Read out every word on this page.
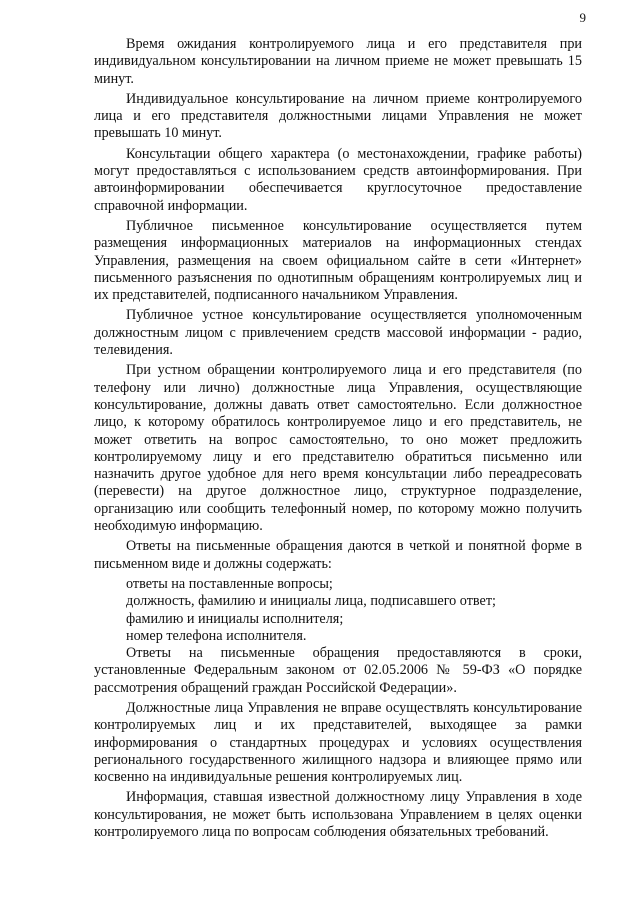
9

Время ожидания контролируемого лица и его представителя при индивидуальном консультировании на личном приеме не может превышать 15 минут.

Индивидуальное консультирование на личном приеме контролируемого лица и его представителя должностными лицами Управления не может превышать 10 минут.

Консультации общего характера (о местонахождении, графике работы) могут предоставляться с использованием средств автоинформирования. При автоинформировании обеспечивается круглосуточное предоставление справочной информации.

Публичное письменное консультирование осуществляется путем размещения информационных материалов на информационных стендах Управления, размещения на своем официальном сайте в сети «Интернет» письменного разъяснения по однотипным обращениям контролируемых лиц и их представителей, подписанного начальником Управления.

Публичное устное консультирование осуществляется уполномоченным должностным лицом с привлечением средств массовой информации - радио, телевидения.

При устном обращении контролируемого лица и его представителя (по телефону или лично) должностные лица Управления, осуществляющие консультирование, должны давать ответ самостоятельно. Если должностное лицо, к которому обратилось контролируемое лицо и его представитель, не может ответить на вопрос самостоятельно, то оно может предложить контролируемому лицу и его представителю обратиться письменно или назначить другое удобное для него время консультации либо переадресовать (перевести) на другое должностное лицо, структурное подразделение, организацию или сообщить телефонный номер, по которому можно получить необходимую информацию.

Ответы на письменные обращения даются в четкой и понятной форме в письменном виде и должны содержать:

ответы на поставленные вопросы;

должность, фамилию и инициалы лица, подписавшего ответ;

фамилию и инициалы исполнителя;

номер телефона исполнителя.

Ответы на письменные обращения предоставляются в сроки, установленные Федеральным законом от 02.05.2006 № 59-ФЗ «О порядке рассмотрения обращений граждан Российской Федерации».

Должностные лица Управления не вправе осуществлять консультирование контролируемых лиц и их представителей, выходящее за рамки информирования о стандартных процедурах и условиях осуществления регионального государственного жилищного надзора и влияющее прямо или косвенно на индивидуальные решения контролируемых лиц.

Информация, ставшая известной должностному лицу Управления в ходе консультирования, не может быть использована Управлением в целях оценки контролируемого лица по вопросам соблюдения обязательных требований.
